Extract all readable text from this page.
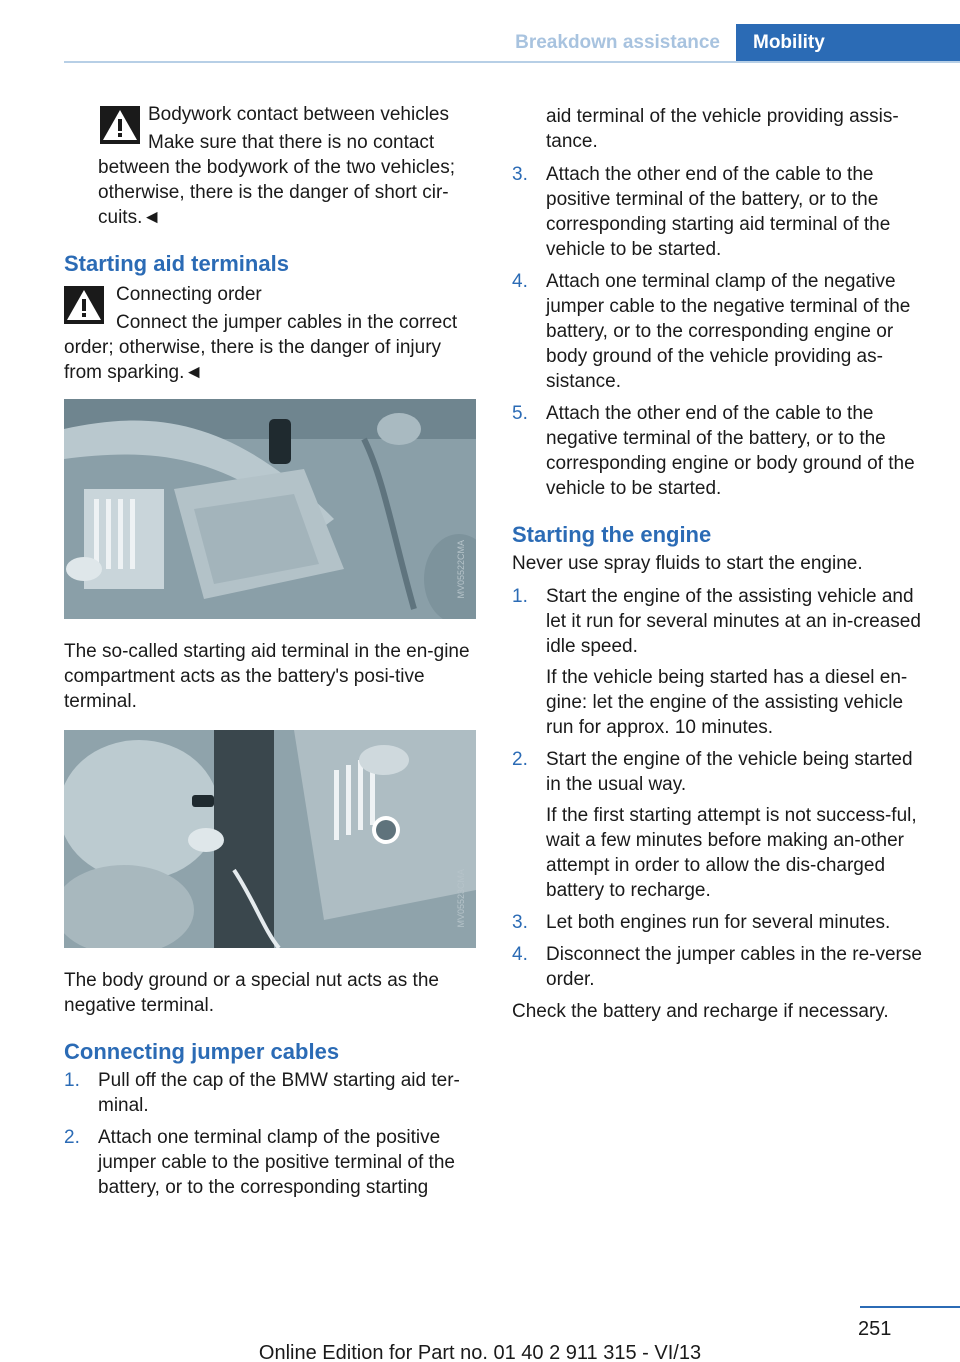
Breakdown assistance	Mobility
Bodywork contact between vehicles
Make sure that there is no contact between the bodywork of the two vehicles; otherwise, there is the danger of short cir‐cuits.◄
Starting aid terminals
Connecting order
Connect the jumper cables in the correct order; otherwise, there is the danger of injury from sparking.◄
MV05522CMA

The so-called starting aid terminal in the en‐gine compartment acts as the battery's posi‐tive terminal.

MV05523CMA

The body ground or a special nut acts as the negative terminal.

Connecting jumper cables
1. Pull off the cap of the BMW starting aid ter‐minal.
2. Attach one terminal clamp of the positive jumper cable to the positive terminal of the battery, or to the corresponding starting

aid terminal of the vehicle providing assis‐tance.

3. Attach the other end of the cable to the positive terminal of the battery, or to the corresponding starting aid terminal of the vehicle to be started.
4. Attach one terminal clamp of the negative jumper cable to the negative terminal of the battery, or to the corresponding engine or body ground of the vehicle providing as‐sistance.
5. Attach the other end of the cable to the negative terminal of the battery, or to the corresponding engine or body ground of the vehicle to be started.
Starting the engine

Never use spray fluids to start the engine.

1. Start the engine of the assisting vehicle and let it run for several minutes at an in‐creased idle speed.

If the vehicle being started has a diesel en‐gine: let the engine of the assisting vehicle run for approx. 10 minutes.

2. Start the engine of the vehicle being started in the usual way.

If the first starting attempt is not success‐ful, wait a few minutes before making an‐other attempt in order to allow the dis‐charged battery to recharge.

3. Let both engines run for several minutes.
4. Disconnect the jumper cables in the re‐verse order.

Check the battery and recharge if necessary.

251
Online Edition for Part no. 01 40 2 911 315 - VI/13
